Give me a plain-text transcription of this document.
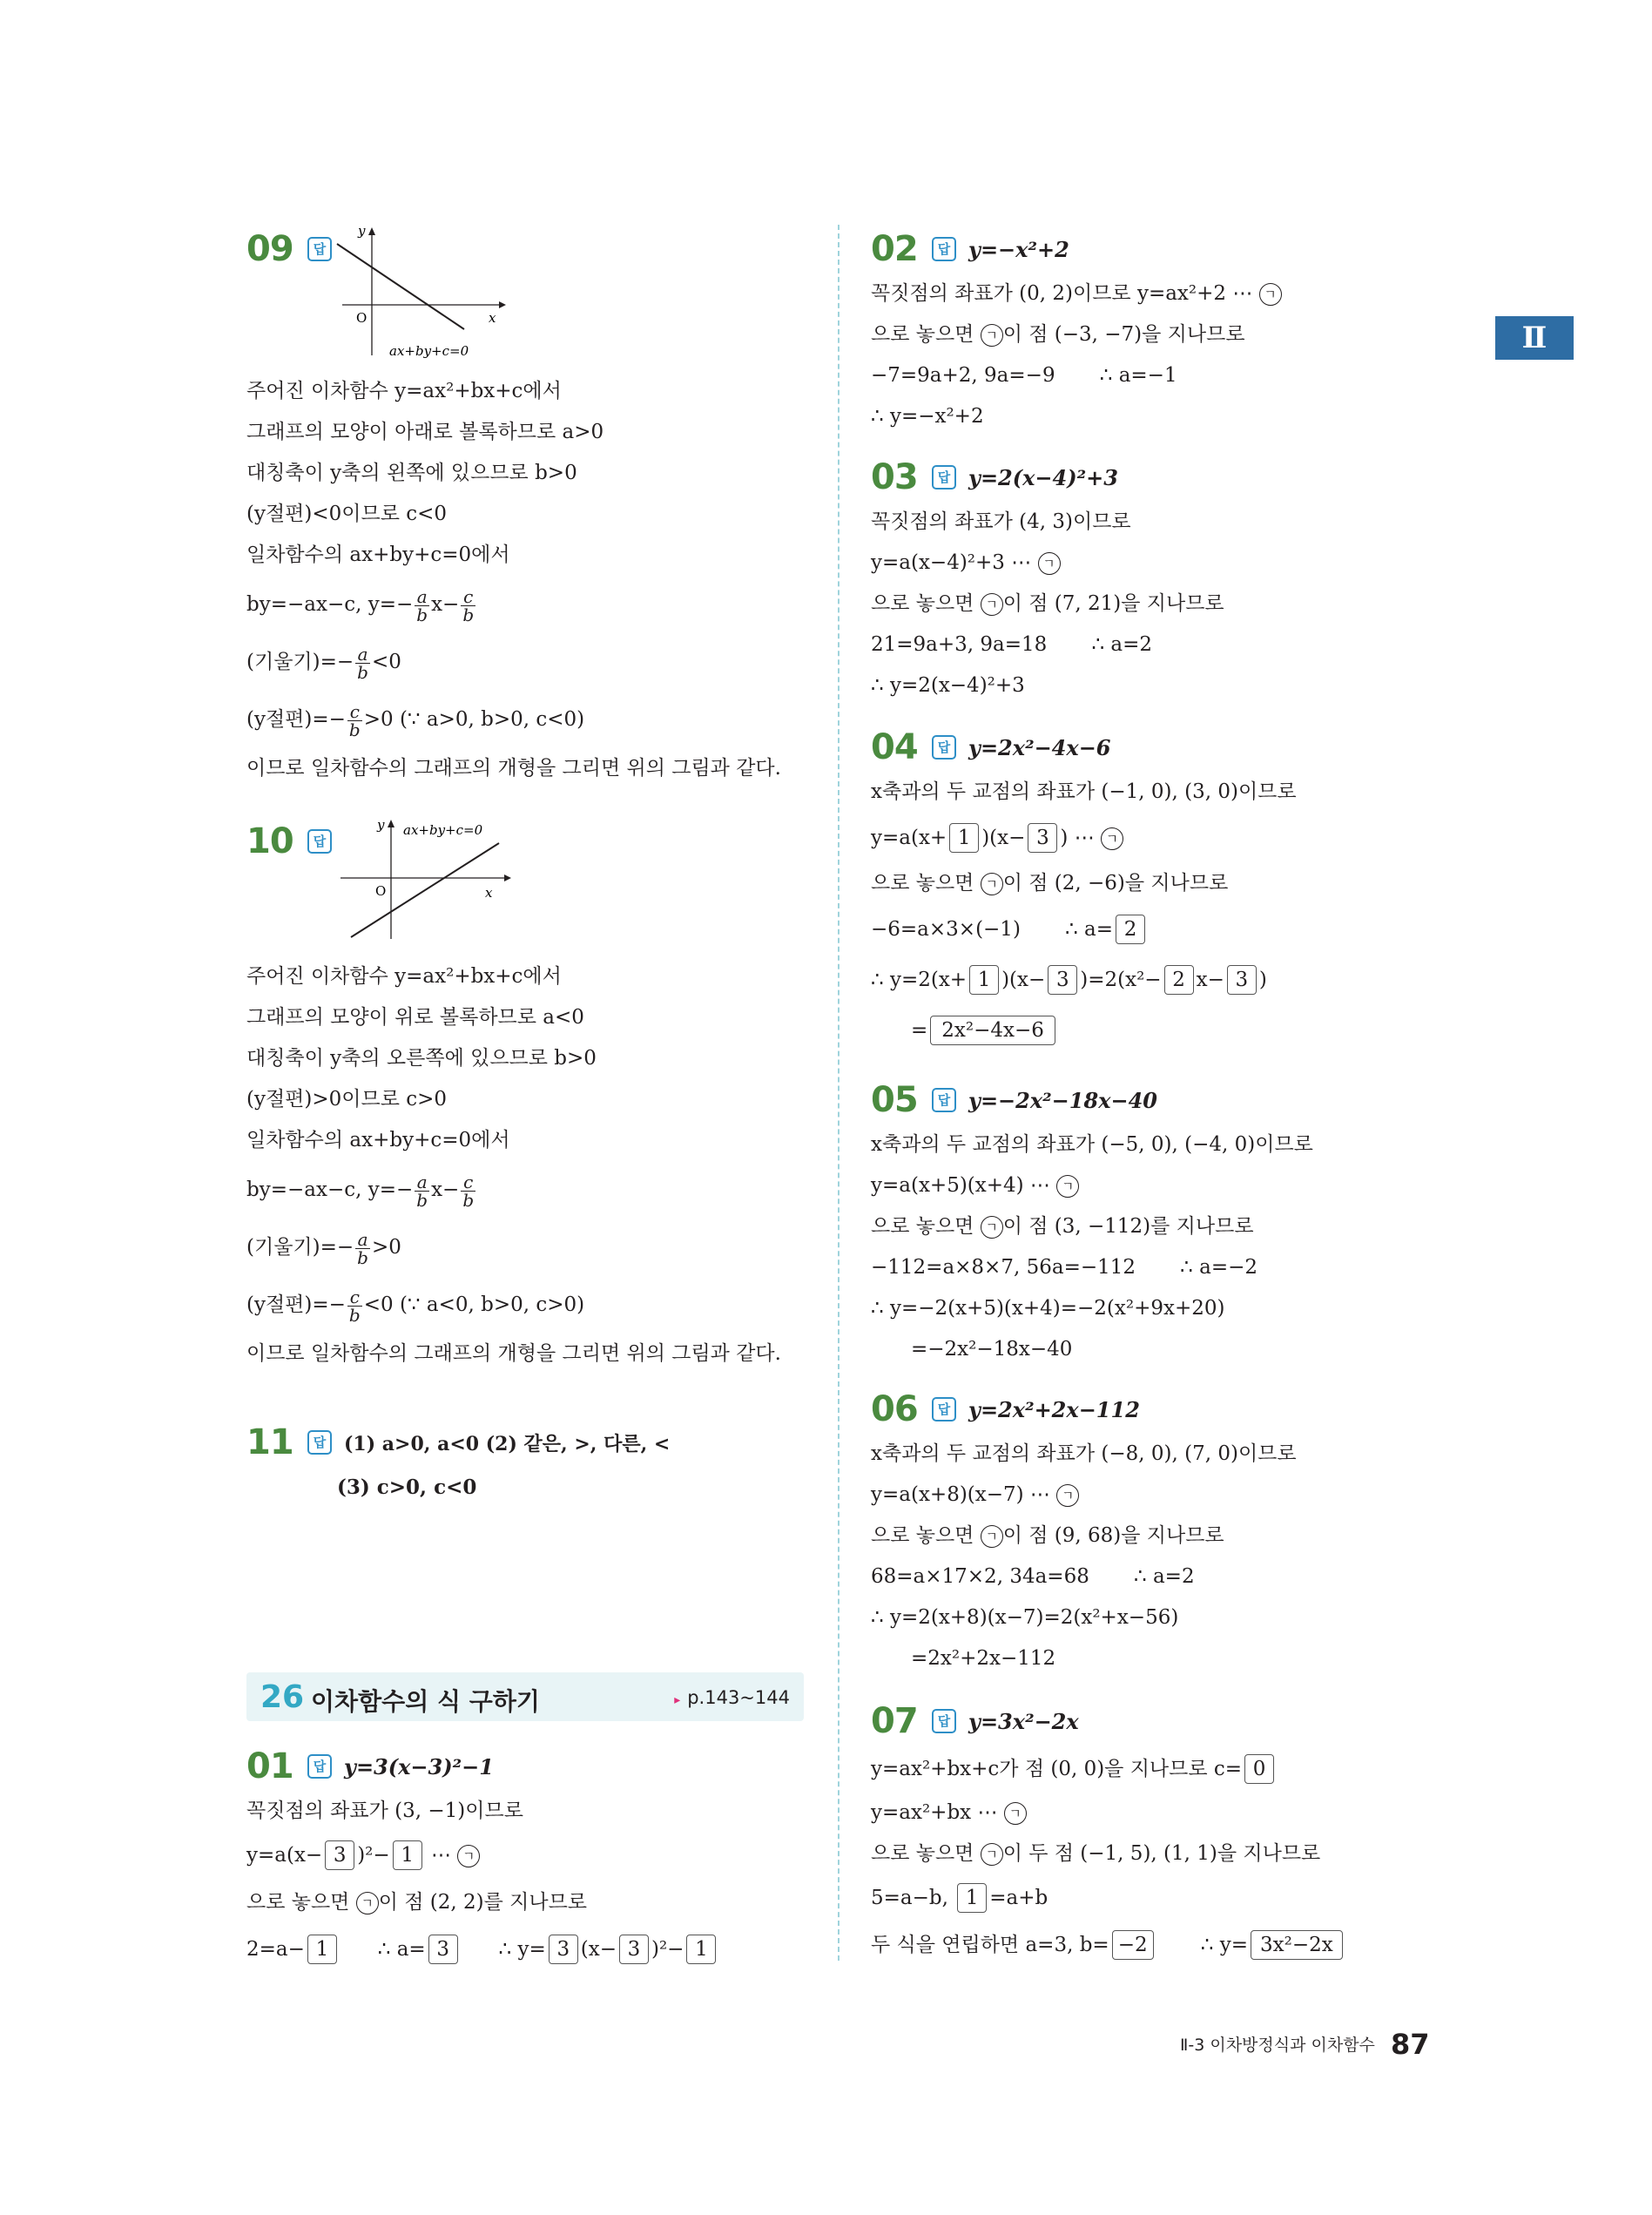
Ⅱ
09	답
y
x
O
ax+by+c=0
주어진 이차함수 y=ax²+bx+c에서
그래프의 모양이 아래로 볼록하므로 a>0
대칭축이 y축의 왼쪽에 있으므로 b>0
(y절편)<0이므로 c<0
일차함수의 ax+by+c=0에서
by=−ax−c, $y=- \frac{a}{b} x- \frac{c}{b}$
(기울기)=− $\frac{a}{b} <0$
(y절편)=− $\frac{c}{b} >0$ (∵ a>0, b>0, c<0)
이므로 일차함수의 그래프의 개형을 그리면 위의 그림과 같다.
10	답
y ax+by+c=0
O	x
주어진 이차함수 y=ax²+bx+c에서
그래프의 모양이 위로 볼록하므로 a<0
대칭축이 y축의 오른쪽에 있으므로 b>0
(y절편)>0이므로 c>0
일차함수의 ax+by+c=0에서
by=−ax−c, $y=- \frac{a}{b} x- \frac{c}{b}$
(기울기)=− $\frac{a}{b} >0$
(y절편)=− $\frac{c}{b} <0$ (∵ a<0, b>0, c>0)
이므로 일차함수의 그래프의 개형을 그리면 위의 그림과 같다.
11	답 (1) a>0, a<0 (2) 같은, >, 다른, <
(3) c>0, c<0
26 이차함수의 식 구하기	▸ p.143~144
01	답 y=3(x−3)²−1
꼭짓점의 좌표가 (3, −1)이므로
y=a(x− 3 )²− 1 ⋯ ㄱ
으로 놓으면 ㄱ 이 점 (2, 2)를 지나므로
2=a− 1      ∴ a= 3      ∴ y= 3 (x− 3 )²− 1
02	답 y=−x²+2
꼭짓점의 좌표가 (0, 2)이므로 y=ax²+2 ⋯ ㄱ
으로 놓으면 ㄱ 이 점 (−3, −7)을 지나므로
−7=9a+2, 9a=−9       ∴ a=−1
∴ y=−x²+2
03	답 y=2(x−4)²+3
꼭짓점의 좌표가 (4, 3)이므로
y=a(x−4)²+3 ⋯ ㄱ
으로 놓으면 ㄱ 이 점 (7, 21)을 지나므로
21=9a+3, 9a=18       ∴ a=2
∴ y=2(x−4)²+3
04	답 y=2x²−4x−6
x축과의 두 교점의 좌표가 (−1, 0), (3, 0)이므로
y=a(x+ 1 )(x− 3 ) ⋯ ㄱ
으로 놓으면 ㄱ 이 점 (2, −6)을 지나므로
−6=a×3×(−1)       ∴ a= 2
∴ y=2(x+ 1 )(x− 3 )=2(x²− 2 x− 3 )
= 2x²−4x−6
05	답 y=−2x²−18x−40
x축과의 두 교점의 좌표가 (−5, 0), (−4, 0)이므로
y=a(x+5)(x+4) ⋯ ㄱ
으로 놓으면 ㄱ 이 점 (3, −112)를 지나므로
−112=a×8×7, 56a=−112       ∴ a=−2
∴ y=−2(x+5)(x+4)=−2(x²+9x+20)
=−2x²−18x−40
06	답 y=2x²+2x−112
x축과의 두 교점의 좌표가 (−8, 0), (7, 0)이므로
y=a(x+8)(x−7) ⋯ ㄱ
으로 놓으면 ㄱ 이 점 (9, 68)을 지나므로
68=a×17×2, 34a=68       ∴ a=2
∴ y=2(x+8)(x−7)=2(x²+x−56)
=2x²+2x−112
07	답 y=3x²−2x
y=ax²+bx+c가 점 (0, 0)을 지나므로 c= 0
y=ax²+bx ⋯ ㄱ
으로 놓으면 ㄱ 이 두 점 (−1, 5), (1, 1)을 지나므로
5=a−b, 1 =a+b
두 식을 연립하면 a=3, b= −2       ∴ y= 3x²−2x
Ⅱ-3 이차방정식과 이차함수 87
